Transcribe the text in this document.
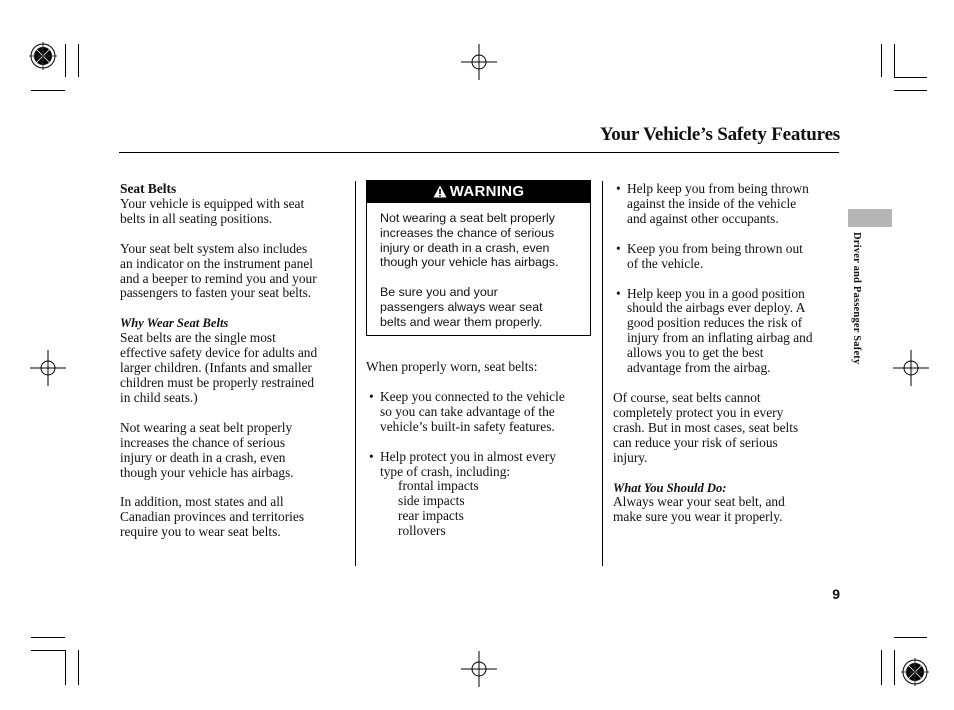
Your Vehicle’s Safety Features
Driver and Passenger Safety

Seat Belts

Your vehicle is equipped with seat

belts in all seating positions.

Your seat belt system also includes

an indicator on the instrument panel

and a beeper to remind you and your

passengers to fasten your seat belts.

Why Wear Seat Belts

Seat belts are the single most

effective safety device for adults and

larger children. (Infants and smaller

children must be properly restrained

in child seats.)

Not wearing a seat belt properly

increases the chance of serious

injury or death in a crash, even

though your vehicle has airbags.

In addition, most states and all

Canadian provinces and territories

require you to wear seat belts.

WARNING

Not wearing a seat belt properly

increases the chance of serious

injury or death in a crash, even

though your vehicle has airbags.

Be sure you and your

passengers always wear seat

belts and wear them properly.

When properly worn, seat belts:

• Keep you connected to the vehicle

so you can take advantage of the

vehicle’s built-in safety features.

• Help protect you in almost every

type of crash, including:

frontal impacts

side impacts

rear impacts

rollovers

• Help keep you from being thrown

against the inside of the vehicle

and against other occupants.

• Keep you from being thrown out

of the vehicle.

• Help keep you in a good position

should the airbags ever deploy. A

good position reduces the risk of

injury from an inflating airbag and

allows you to get the best

advantage from the airbag.

Of course, seat belts cannot

completely protect you in every

crash. But in most cases, seat belts

can reduce your risk of serious

injury.

What You Should Do:

Always wear your seat belt, and

make sure you wear it properly.

9
